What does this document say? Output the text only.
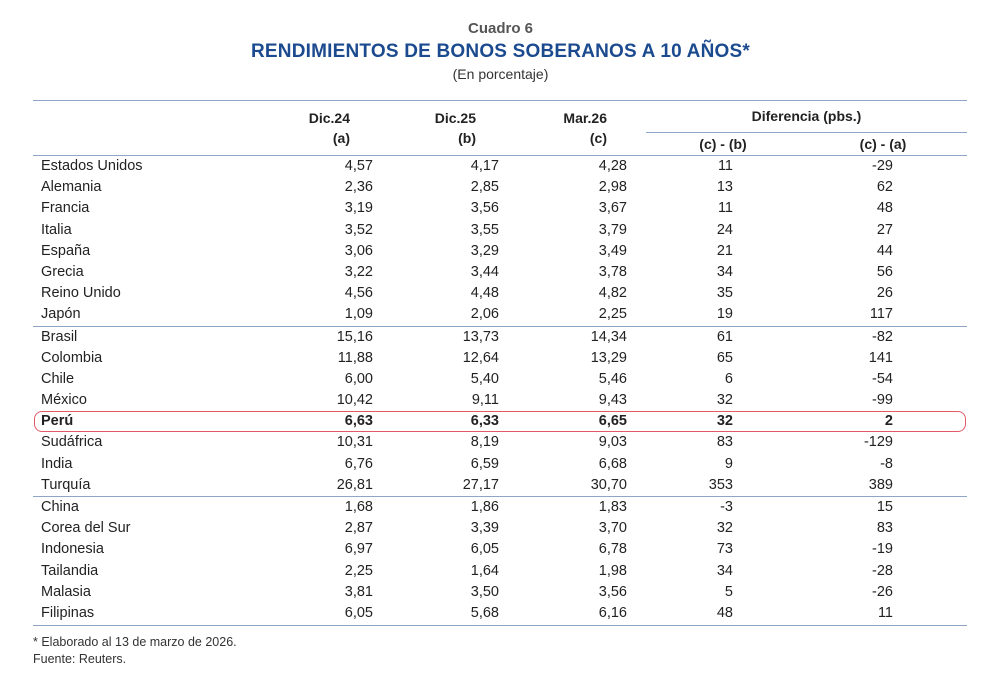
Cuadro 6
RENDIMIENTOS DE BONOS SOBERANOS A 10 AÑOS*
(En porcentaje)
Dic.24
(a)
Dic.25
(b)
Mar.26
(c)
Diferencia (pbs.)
(c) - (b)	(c) - (a)
Estados Unidos	4,57	4,17	4,28	11	-29
Alemania	2,36	2,85	2,98	13	62
Francia	3,19	3,56	3,67	11	48
Italia	3,52	3,55	3,79	24	27
España	3,06	3,29	3,49	21	44
Grecia	3,22	3,44	3,78	34	56
Reino Unido	4,56	4,48	4,82	35	26
Japón	1,09	2,06	2,25	19	117
Brasil	15,16	13,73	14,34	61	-82
Colombia	11,88	12,64	13,29	65	141
Chile	6,00	5,40	5,46	6	-54
México	10,42	9,11	9,43	32	-99
Perú	6,63	6,33	6,65	32	2
Sudáfrica	10,31	8,19	9,03	83	-129
India	6,76	6,59	6,68	9	-8
Turquía	26,81	27,17	30,70	353	389
China	1,68	1,86	1,83	-3	15
Corea del Sur	2,87	3,39	3,70	32	83
Indonesia	6,97	6,05	6,78	73	-19
Tailandia	2,25	1,64	1,98	34	-28
Malasia	3,81	3,50	3,56	5	-26
Filipinas	6,05	5,68	6,16	48	11
* Elaborado al 13 de marzo de 2026.
Fuente: Reuters.
